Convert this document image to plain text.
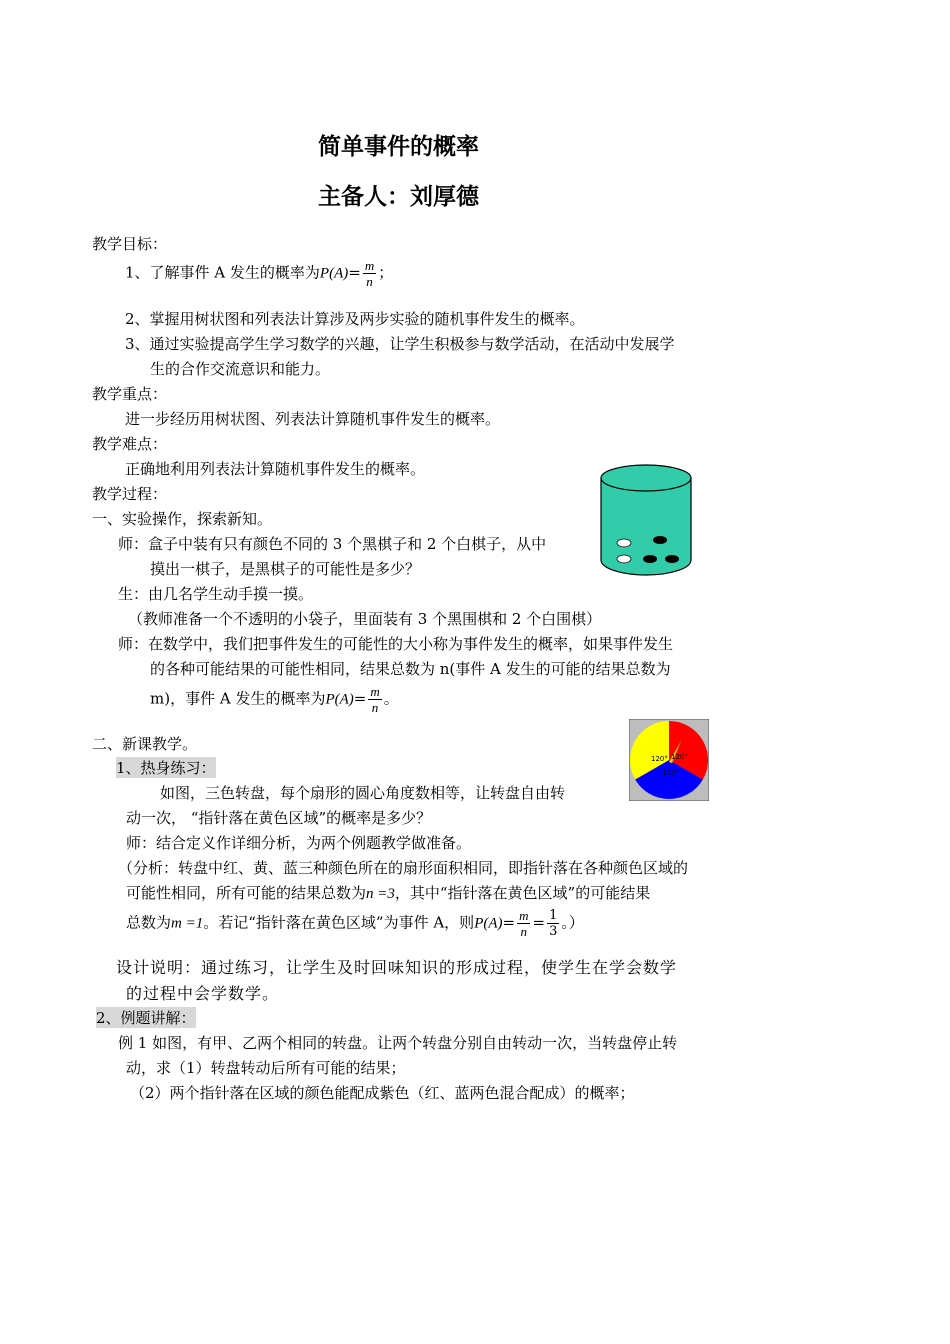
简单事件的概率
主备人：刘厚德
教学目标：
1、了解事件 A 发生的概率为$P(A)= \frac{m}{n}$ ；
2、掌握用树状图和列表法计算涉及两步实验的随机事件发生的概率。
3、通过实验提高学生学习数学的兴趣，让学生积极参与数学活动，在活动中发展学
生的合作交流意识和能力。
教学重点：
进一步经历用树状图、列表法计算随机事件发生的概率。
教学难点：
正确地利用列表法计算随机事件发生的概率。
教学过程：
一、实验操作，探索新知。
师：盒子中装有只有颜色不同的 3 个黑棋子和 2 个白棋子，从中
摸出一棋子，是黑棋子的可能性是多少？
生：由几名学生动手摸一摸。
（教师准备一个不透明的小袋子，里面装有 3 个黑围棋和 2 个白围棋）
师：在数学中，我们把事件发生的可能性的大小称为事件发生的概率，如果事件发生
的各种可能结果的可能性相同，结果总数为 n(事件 A 发生的可能的结果总数为
m)，事件 A 发生的概率为$P(A)= \frac{m}{n}$ 。
120° 120°
120°
二、新课教学。
1、热身练习：
如图，三色转盘，每个扇形的圆心角度数相等，让转盘自由转
动一次， “指针落在黄色区域”的概率是多少？
师：结合定义作详细分析，为两个例题教学做准备。
（分析：转盘中红、黄、蓝三种颜色所在的扇形面积相同，即指针落在各种颜色区域的
可能性相同，所有可能的结果总数为n =3，其中“指针落在黄色区域”的可能结果
总数为m =1。若记“指针落在黄色区域”为事件 A，则$P(A)= \frac{m}{n} = \frac{1}{3}$ 。）
设计说明：通过练习，让学生及时回味知识的形成过程，使学生在学会数学
的过程中会学数学。
2、例题讲解：
例 1 如图，有甲、乙两个相同的转盘。让两个转盘分别自由转动一次，当转盘停止转
动，求（1）转盘转动后所有可能的结果；
（2）两个指针落在区域的颜色能配成紫色（红、蓝两色混合配成）的概率；
